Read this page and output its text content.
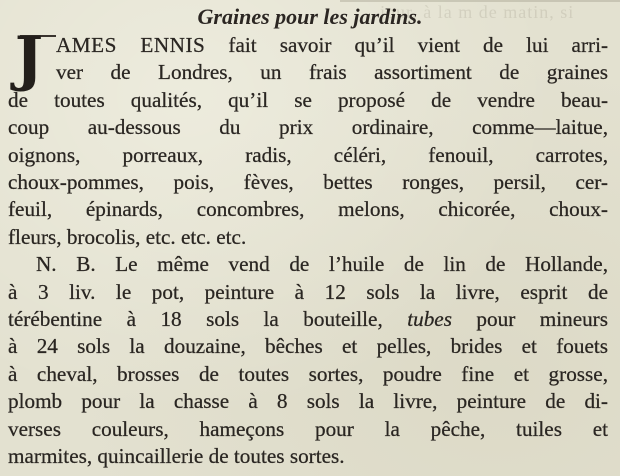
jour, à la m de matin, si
Graines pour les jardins.
J AMES ENNIS fait savoir qu’il vient de lui arri-
ver de Londres, un frais assortiment de graines
de toutes qualités, qu’il se proposé de vendre beau-
coup au-dessous du prix ordinaire, comme—laitue,
oignons, porreaux, radis, céléri, fenouil, carrotes,
choux-pommes, pois, fèves, bettes ronges, persil, cer-
feuil, épinards, concombres, melons, chicorée, choux-
fleurs, brocolis, etc. etc. etc.
N. B. Le même vend de l’huile de lin de Hollande,
à 3 liv. le pot, peinture à 12 sols la livre, esprit de
térébentine à 18 sols la bouteille, tubes pour mineurs
à 24 sols la douzaine, bêches et pelles, brides et fouets
à cheval, brosses de toutes sortes, poudre fine et grosse,
plomb pour la chasse à 8 sols la livre, peinture de di-
verses couleurs, hameçons pour la pêche, tuiles et
marmites, quincaillerie de toutes sortes.
